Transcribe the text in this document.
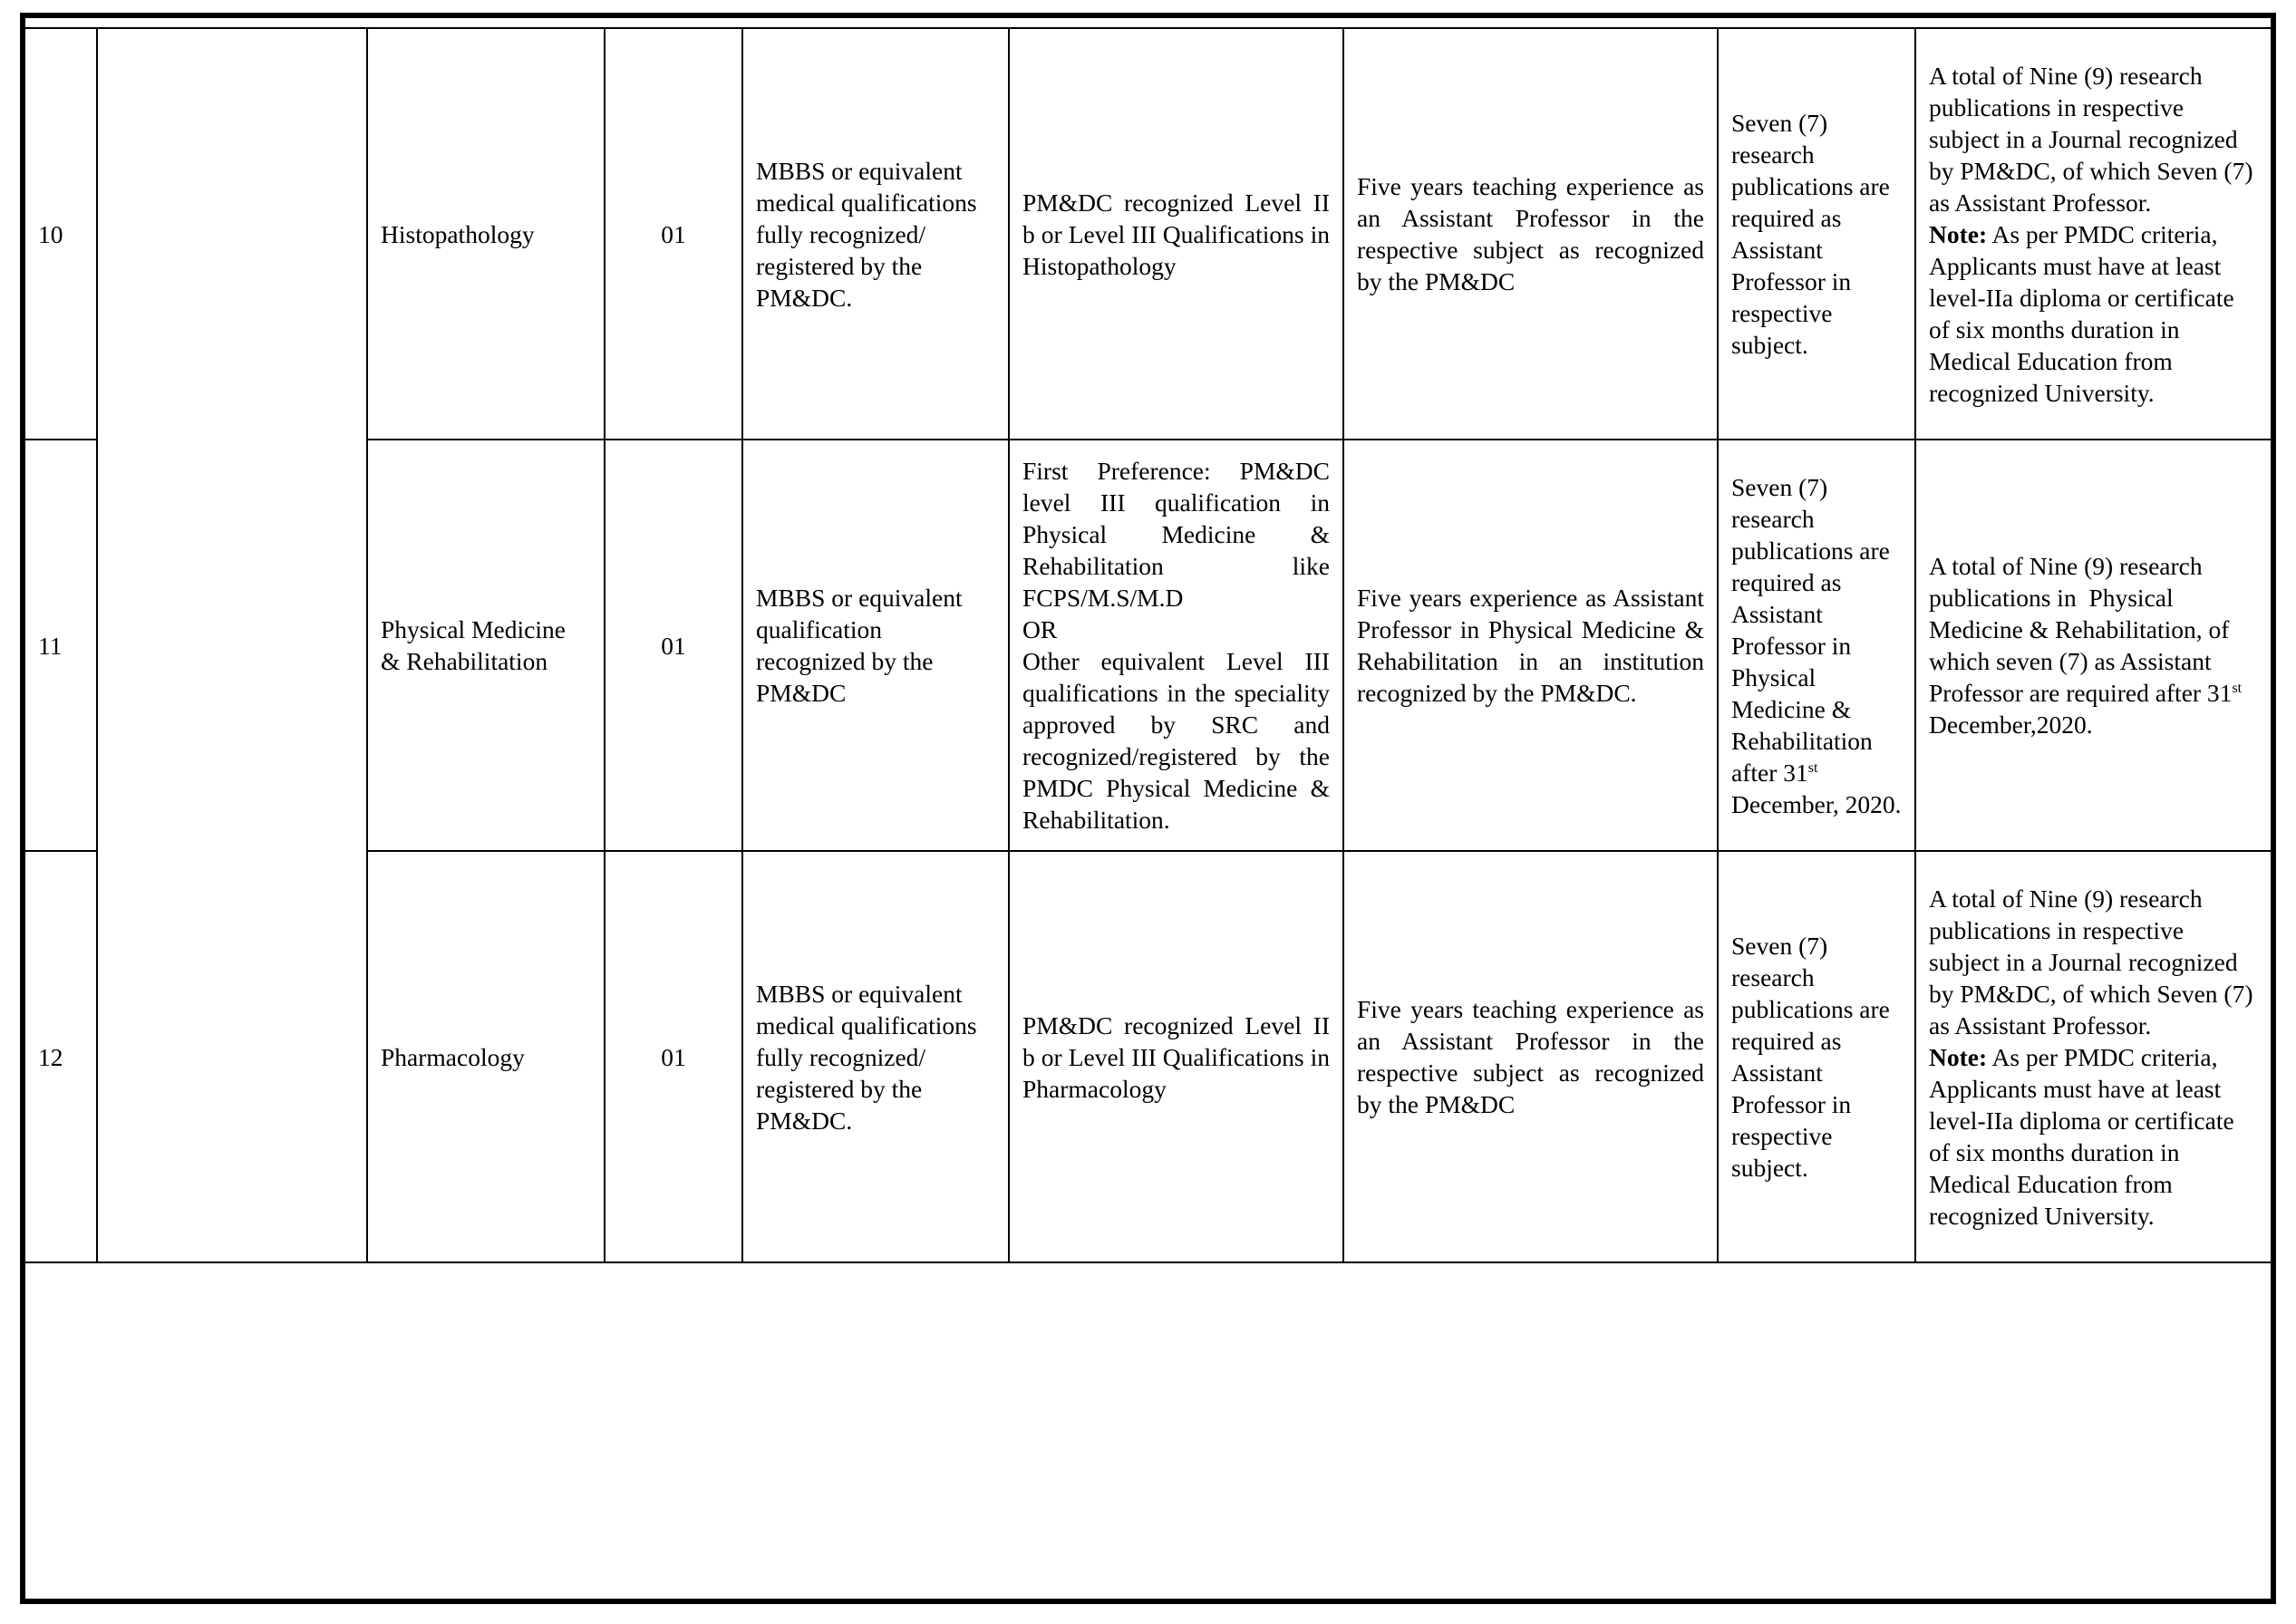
10		Histopathology	01	MBBS or equivalent medical qualifications fully recognized/ registered by the PM&DC.	PM&DC recognized Level II b or Level III Qualifications in Histopathology	Five years teaching experience as an Assistant Professor in the respective subject as recognized by the PM&DC	Seven (7) research publications are required as Assistant Professor in respective subject.	A total of Nine (9) research publications in respective subject in a Journal recognized by PM&DC, of which Seven (7) as Assistant Professor.
Note: As per PMDC criteria, Applicants must have at least level-IIa diploma or certificate of six months duration in Medical Education from recognized University.
11		Physical Medicine & Rehabilitation	01	MBBS or equivalent qualification recognized by the PM&DC	First Preference: PM&DC level III qualification in Physical Medicine & Rehabilitation like FCPS/M.S/M.D
OR
Other equivalent Level III qualifications in the speciality approved by SRC and recognized/registered by the PMDC Physical Medicine & Rehabilitation.	Five years experience as Assistant Professor in Physical Medicine & Rehabilitation in an institution recognized by the PM&DC.	Seven (7) research publications are required as Assistant Professor in Physical Medicine & Rehabilitation after 31st December, 2020.	A total of Nine (9) research publications in  Physical Medicine & Rehabilitation, of which seven (7) as Assistant Professor are required after 31st December,2020.
12		Pharmacology	01	MBBS or equivalent medical qualifications fully recognized/ registered by the PM&DC.	PM&DC recognized Level II b or Level III Qualifications in Pharmacology	Five years teaching experience as an Assistant Professor in the respective subject as recognized by the PM&DC	Seven (7) research publications are required as Assistant Professor in respective subject.	A total of Nine (9) research publications in respective subject in a Journal recognized by PM&DC, of which Seven (7) as Assistant Professor.
Note: As per PMDC criteria, Applicants must have at least level-IIa diploma or certificate of six months duration in Medical Education from recognized University.
